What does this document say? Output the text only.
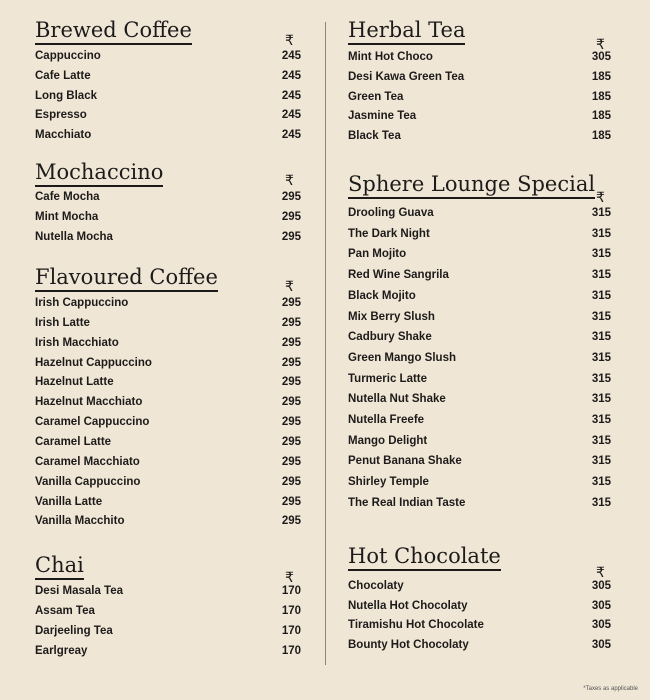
Brewed Coffee	₹
Cappuccino	245
Cafe Latte	245
Long Black	245
Espresso	245
Macchiato	245
Mochaccino	₹
Cafe Mocha	295
Mint Mocha	295
Nutella Mocha	295
Flavoured Coffee	₹
Irish Cappuccino	295
Irish Latte	295
Irish Macchiato	295
Hazelnut Cappuccino	295
Hazelnut Latte	295
Hazelnut Macchiato	295
Caramel Cappuccino	295
Caramel Latte	295
Caramel Macchiato	295
Vanilla Cappuccino	295
Vanilla Latte	295
Vanilla Macchito	295
Chai	₹
Desi Masala Tea	170
Assam Tea	170
Darjeeling Tea	170
Earlgreay	170
Herbal Tea
₹
Mint Hot Choco	305
Desi Kawa Green Tea	185
Green Tea	185
Jasmine Tea	185
Black Tea	185
Sphere Lounge Special
₹
Drooling Guava	315
The Dark Night	315
Pan Mojito	315
Red Wine Sangrila	315
Black Mojito	315
Mix Berry Slush	315
Cadbury Shake	315
Green Mango Slush	315
Turmeric Latte	315
Nutella Nut Shake	315
Nutella Freefe	315
Mango Delight	315
Penut Banana Shake	315
Shirley Temple	315
The Real Indian Taste	315
Hot Chocolate
₹
Chocolaty	305
Nutella Hot Chocolaty	305
Tiramishu Hot Chocolate	305
Bounty Hot Chocolaty	305
*Taxes as applicable
